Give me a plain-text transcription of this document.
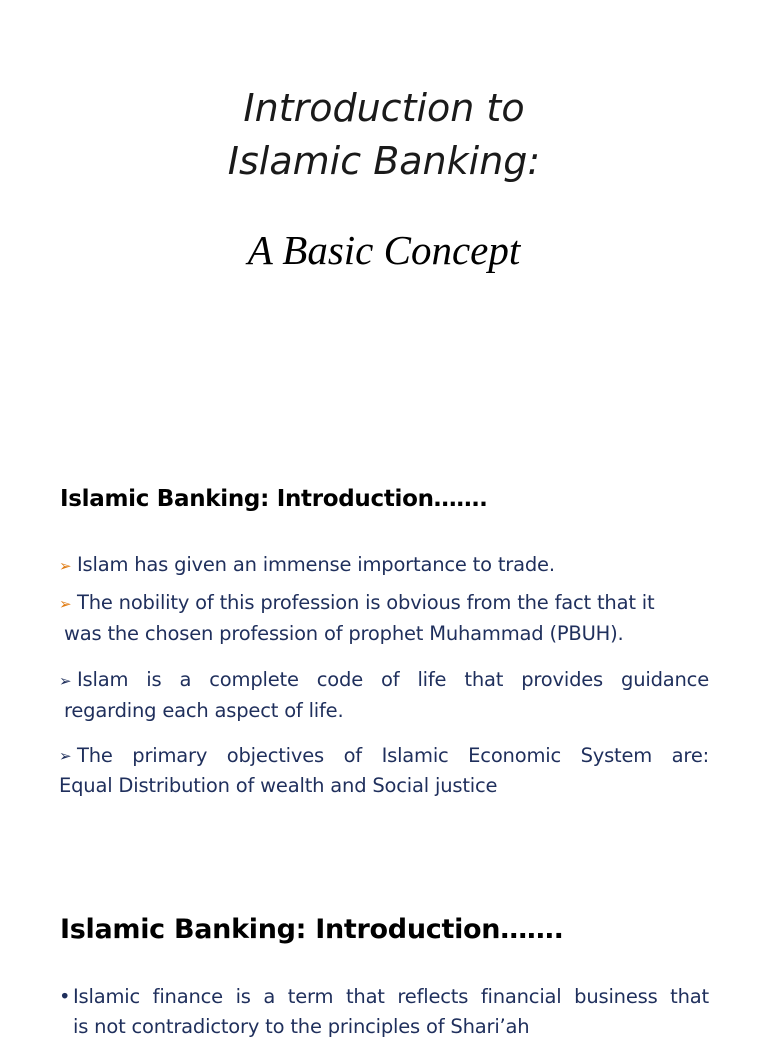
Introduction to
Islamic Banking:
A Basic Concept
Islamic Banking: Introduction…….
➢ Islam has given an immense importance to trade.
➢ The nobility of this profession is obvious from the fact that it
was the chosen profession of prophet Muhammad (PBUH).
➢ Islam is a complete code of life that provides guidance
regarding each aspect of life.
➢ The primary objectives of Islamic Economic System are:
Equal Distribution of wealth and Social justice
Islamic Banking: Introduction…….
• Islamic finance is a term that reflects financial business that
is not contradictory to the principles of Shari’ah
